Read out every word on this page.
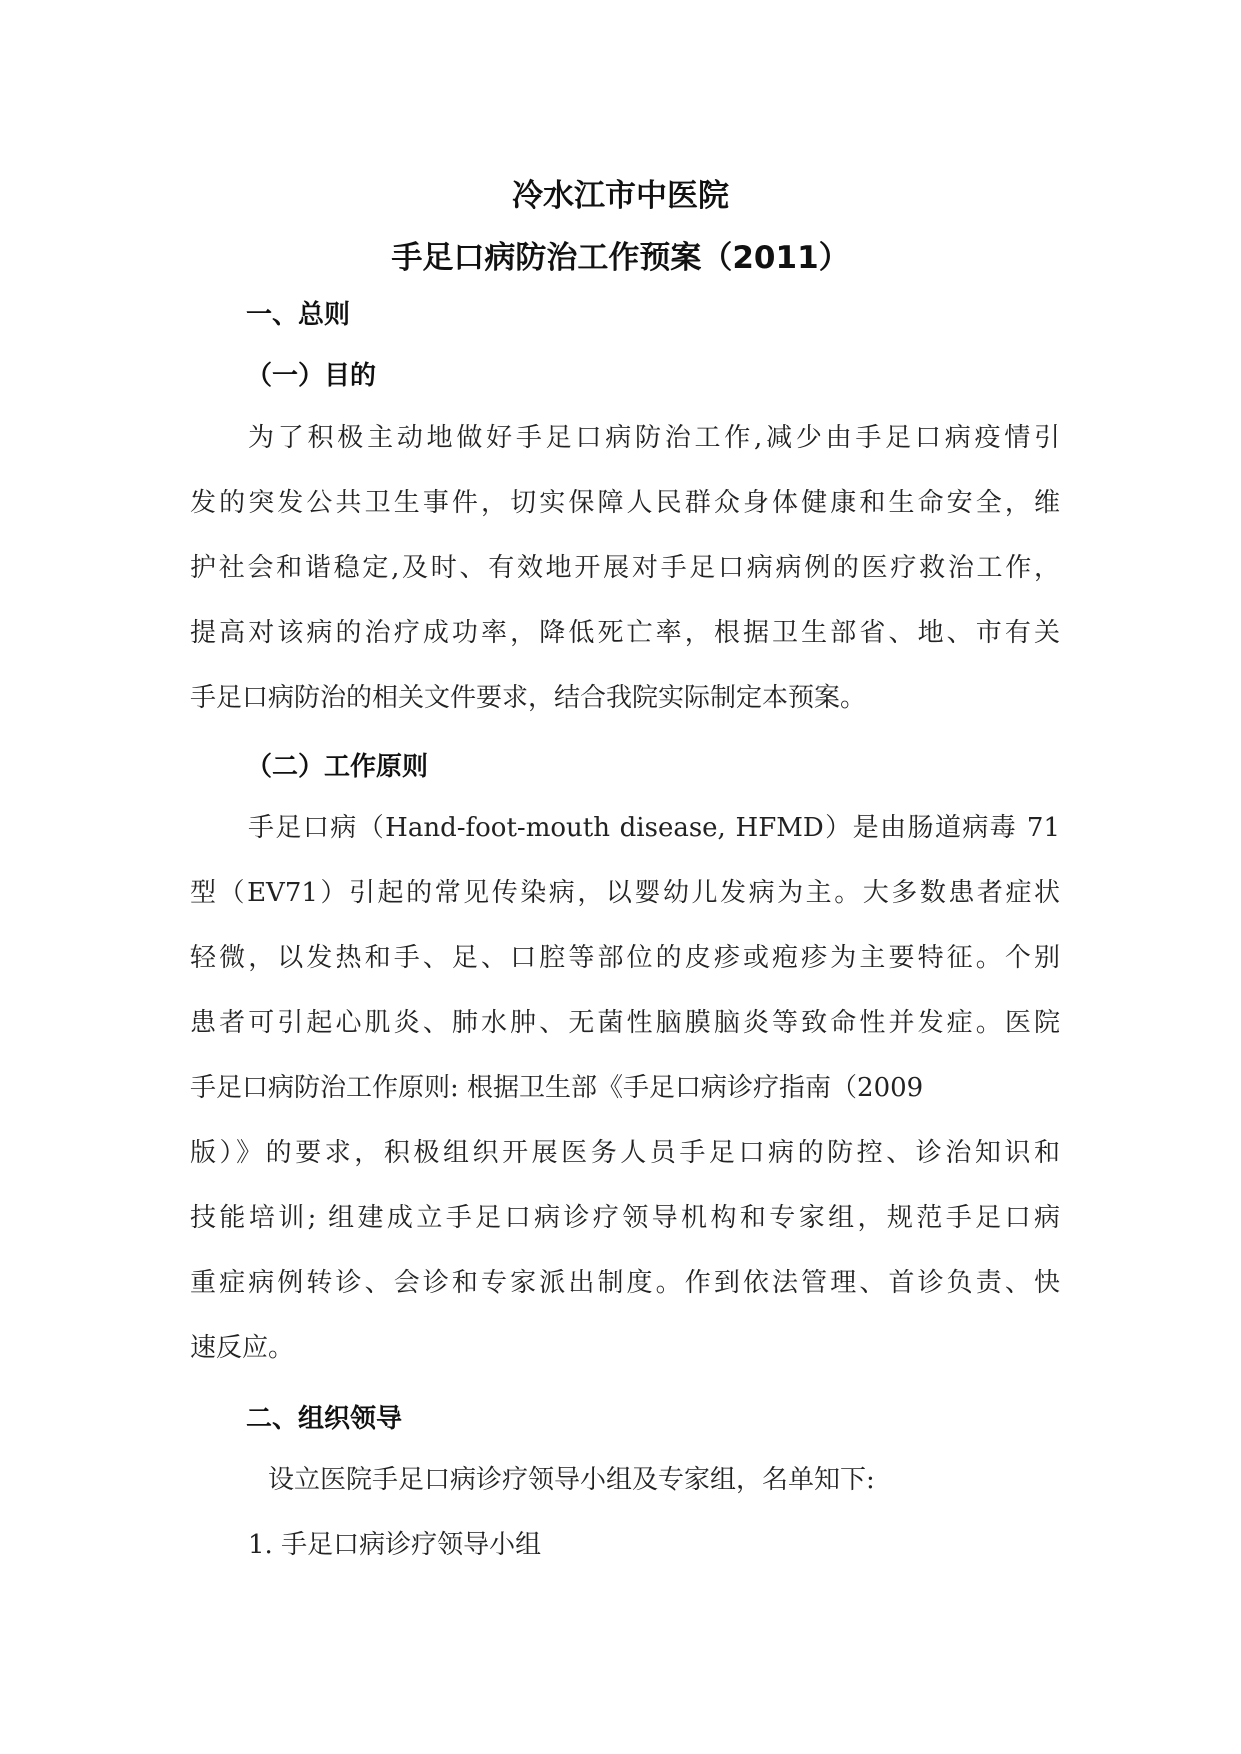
冷水江市中医院
手足口病防治工作预案（2011）
一、总则
（一）目的
为了积极主动地做好手足口病防治工作,减少由手足口病疫情引
发的突发公共卫生事件，切实保障人民群众身体健康和生命安全，维
护社会和谐稳定,及时、有效地开展对手足口病病例的医疗救治工作，
提高对该病的治疗成功率，降低死亡率，根据卫生部省、地、市有关
手足口病防治的相关文件要求，结合我院实际制定本预案。
（二）工作原则
手足口病（Hand-foot-mouth disease, HFMD）是由肠道病毒 71
型（EV71）引起的常见传染病，以婴幼儿发病为主。大多数患者症状
轻微，以发热和手、足、口腔等部位的皮疹或疱疹为主要特征。个别
患者可引起心肌炎、肺水肿、无菌性脑膜脑炎等致命性并发症。医院
手足口病防治工作原则: 根据卫生部《手足口病诊疗指南（2009
版）》的要求，积极组织开展医务人员手足口病的防控、诊治知识和
技能培训; 组建成立手足口病诊疗领导机构和专家组，规范手足口病
重症病例转诊、会诊和专家派出制度。作到依法管理、首诊负责、快
速反应。
二、组织领导
设立医院手足口病诊疗领导小组及专家组，名单知下:
1. 手足口病诊疗领导小组
